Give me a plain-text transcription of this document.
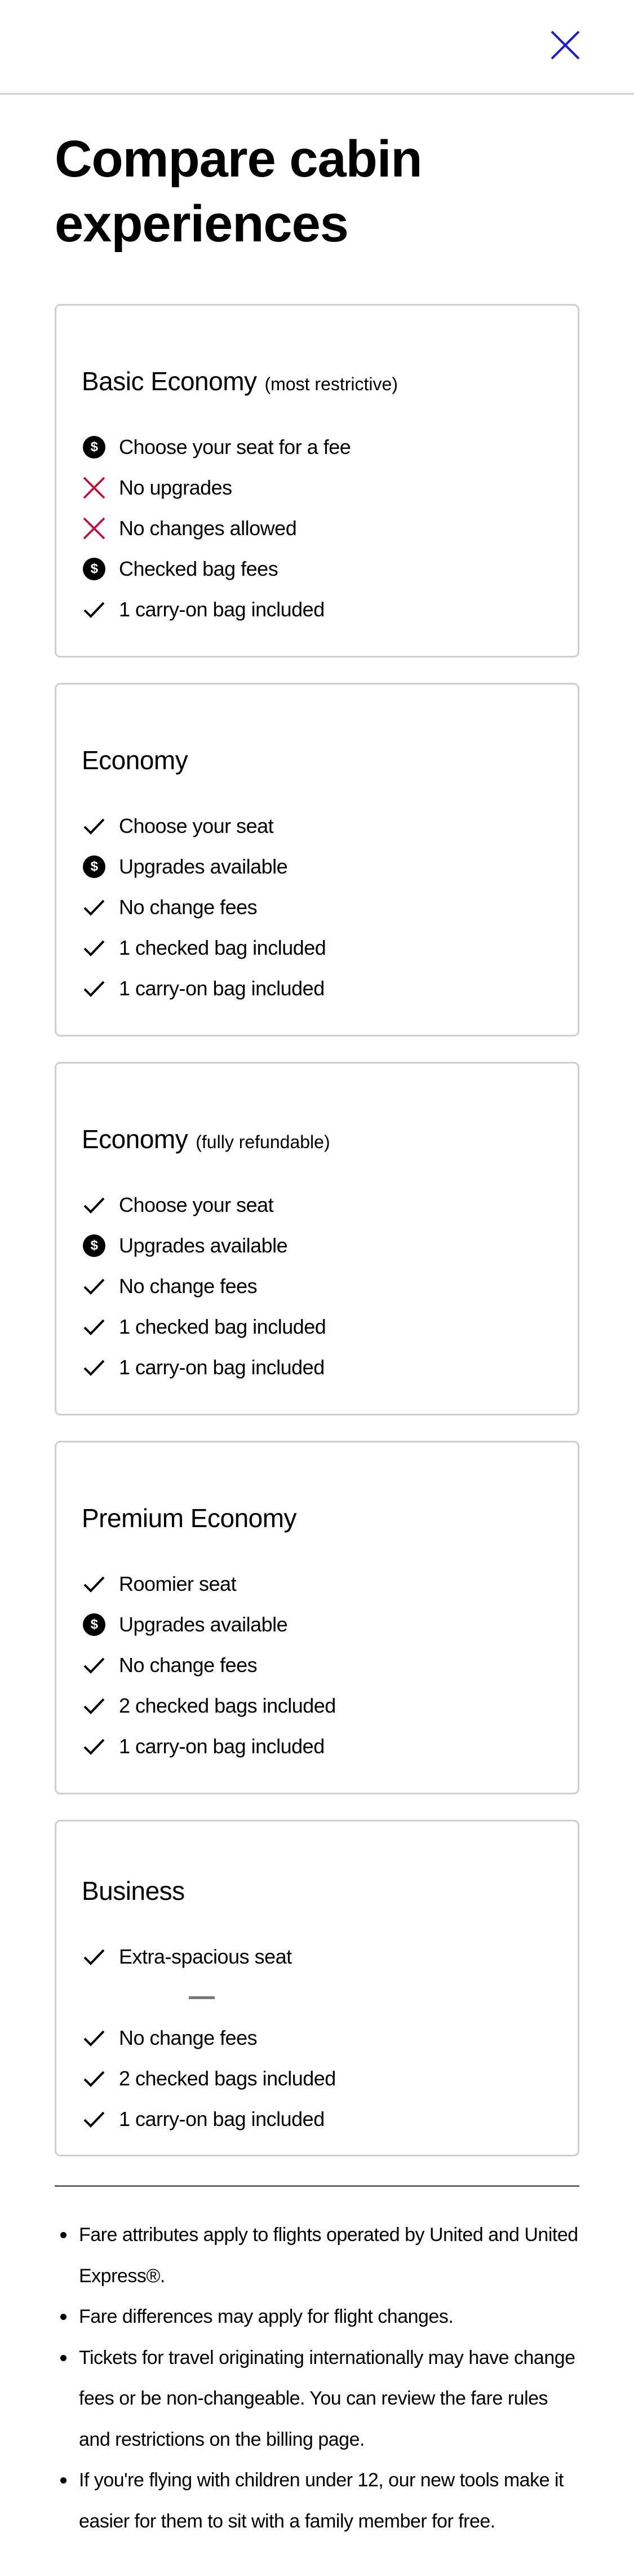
Compare cabin experiences
Basic Economy (most restrictive)
$	Choose your seat for a fee
No upgrades
No changes allowed
$	Checked bag fees
1 carry-on bag included
Economy
Choose your seat
$	Upgrades available
No change fees
1 checked bag included
1 carry-on bag included
Economy (fully refundable)
Choose your seat
$	Upgrades available
No change fees
1 checked bag included
1 carry-on bag included
Premium Economy
Roomier seat
$	Upgrades available
No change fees
2 checked bags included
1 carry-on bag included
Business
Extra-spacious seat
No change fees
2 checked bags included
1 carry-on bag included
Fare attributes apply to flights operated by United and United Express®.
Fare differences may apply for flight changes.
Tickets for travel originating internationally may have change fees or be non-changeable. You can review the fare rules and restrictions on the billing page.
If you're flying with children under 12, our new tools make it easier for them to sit with a family member for free.
